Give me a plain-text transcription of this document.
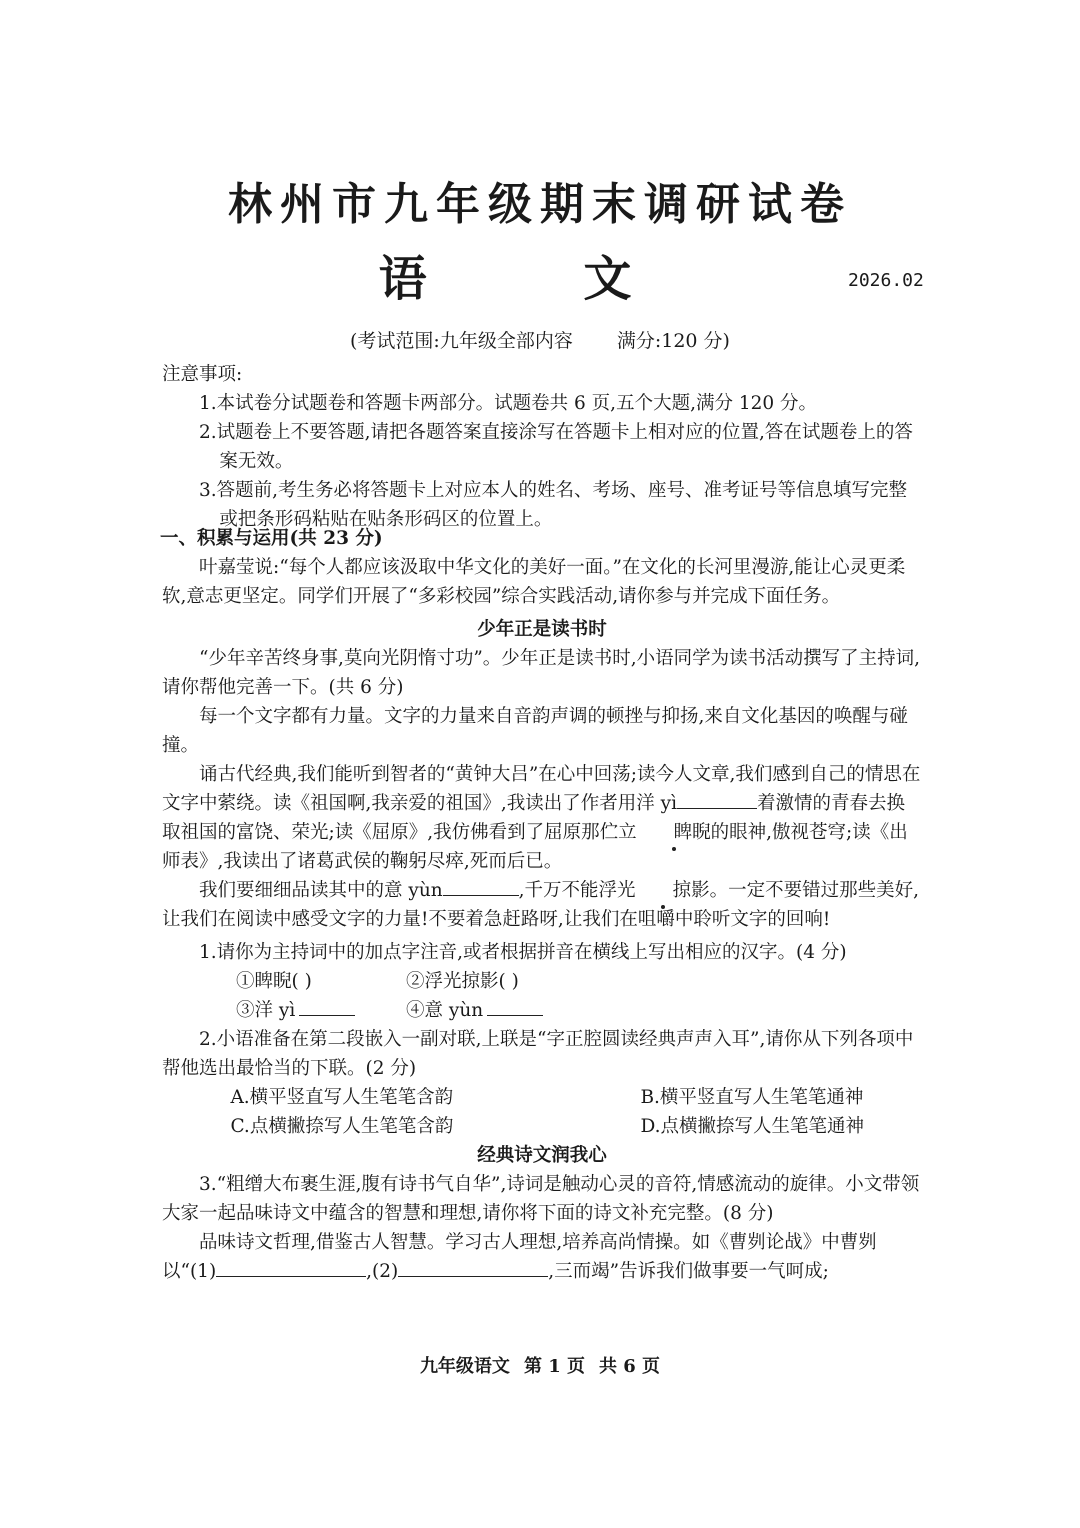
林州市九年级期末调研试卷
语 文	2026.02
(考试范围:九年级全部内容 满分:120 分)

注意事项:

1.本试卷分试题卷和答题卡两部分。试题卷共 6 页,五个大题,满分 120 分。

2.试题卷上不要答题,请把各题答案直接涂写在答题卡上相对应的位置,答在试题卷上的答案无效。

3.答题前,考生务必将答题卡上对应本人的姓名、考场、座号、准考证号等信息填写完整或把条形码粘贴在贴条形码区的位置上。

一、积累与运用(共 23 分)

叶嘉莹说:“每个人都应该汲取中华文化的美好一面。”在文化的长河里漫游,能让心灵更柔软,意志更坚定。同学们开展了“多彩校园”综合实践活动,请你参与并完成下面任务。

少年正是读书时

“少年辛苦终身事,莫向光阴惰寸功”。少年正是读书时,小语同学为读书活动撰写了主持词,请你帮他完善一下。(共 6 分)

每一个文字都有力量。文字的力量来自音韵声调的顿挫与抑扬,来自文化基因的唤醒与碰撞。

诵古代经典,我们能听到智者的“黄钟大吕”在心中回荡;读今人文章,我们感到自己的情思在文字中萦绕。读《祖国啊,我亲爱的祖国》,我读出了作者用洋 yì	着激情的青春去换取祖国的富饶、荣光;读《屈原》,我仿佛看到了屈原那伫立 睥睨的眼神,傲视苍穹;读《出师表》,我读出了诸葛武侯的鞠躬尽瘁,死而后已。

我们要细细品读其中的意 yùn	,千万不能浮光 掠影。一定不要错过那些美好,让我们在阅读中感受文字的力量!不要着急赶路呀,让我们在咀嚼中聆听文字的回响!

1.请你为主持词中的加点字注音,或者根据拼音在横线上写出相应的汉字。(4 分)

①睥睨( )	②浮光掠影( )
③洋 yì	④意 yùn

2.小语准备在第二段嵌入一副对联,上联是“字正腔圆读经典声声入耳”,请你从下列各项中帮他选出最恰当的下联。(2 分)

A.横平竖直写人生笔笔含韵	B.横平竖直写人生笔笔通神
C.点横撇捺写人生笔笔含韵	D.点横撇捺写人生笔笔通神

经典诗文润我心

3.“粗缯大布裹生涯,腹有诗书气自华”,诗词是触动心灵的音符,情感流动的旋律。小文带领大家一起品味诗文中蕴含的智慧和理想,请你将下面的诗文补充完整。(8 分)

品味诗文哲理,借鉴古人智慧。学习古人理想,培养高尚情操。如《曹刿论战》中曹刿以“(1)	,(2)	,三而竭”告诉我们做事要一气呵成;

九年级语文 第 1 页 共 6 页
